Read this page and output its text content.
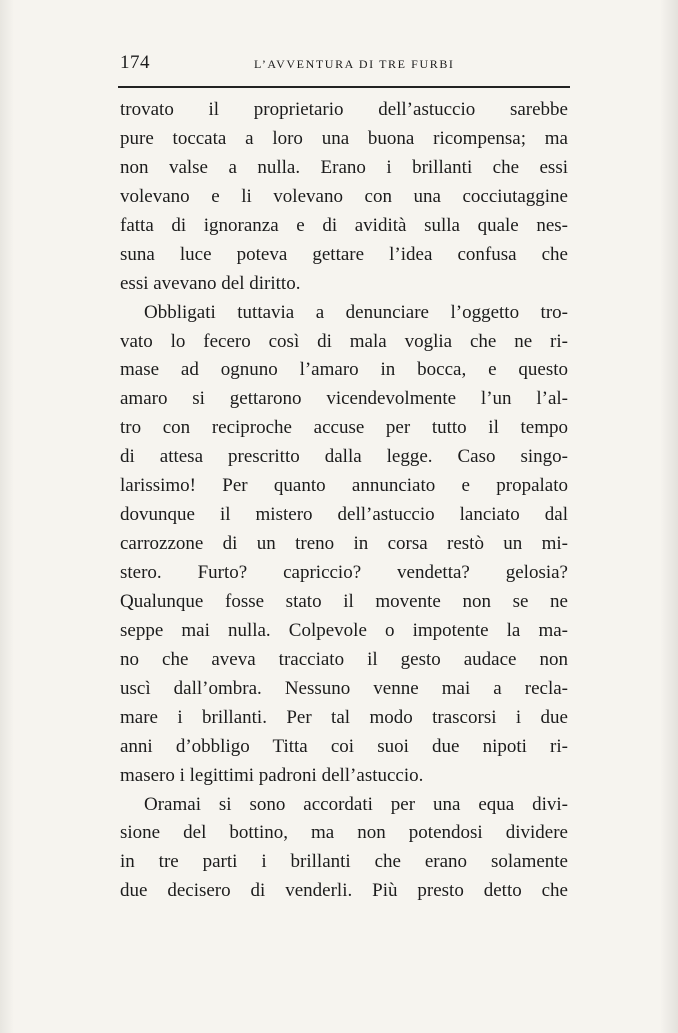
174	L’AVVENTURA DI TRE FURBI
trovato il proprietario dell’astuccio sarebbe
pure toccata a loro una buona ricompensa; ma
non valse a nulla. Erano i brillanti che essi
volevano e li volevano con una cocciutaggine
fatta di ignoranza e di avidità sulla quale nes-
suna luce poteva gettare l’idea confusa che
essi avevano del diritto.
Obbligati tuttavia a denunciare l’oggetto tro-
vato lo fecero così di mala voglia che ne ri-
mase ad ognuno l’amaro in bocca, e questo
amaro si gettarono vicendevolmente l’un l’al-
tro con reciproche accuse per tutto il tempo
di attesa prescritto dalla legge. Caso singo-
larissimo! Per quanto annunciato e propalato
dovunque il mistero dell’astuccio lanciato dal
carrozzone di un treno in corsa restò un mi-
stero. Furto? capriccio? vendetta? gelosia?
Qualunque fosse stato il movente non se ne
seppe mai nulla. Colpevole o impotente la ma-
no che aveva tracciato il gesto audace non
uscì dall’ombra. Nessuno venne mai a recla-
mare i brillanti. Per tal modo trascorsi i due
anni d’obbligo Titta coi suoi due nipoti ri-
masero i legittimi padroni dell’astuccio.
Oramai si sono accordati per una equa divi-
sione del bottino, ma non potendosi dividere
in tre parti i brillanti che erano solamente
due decisero di venderli. Più presto detto che
